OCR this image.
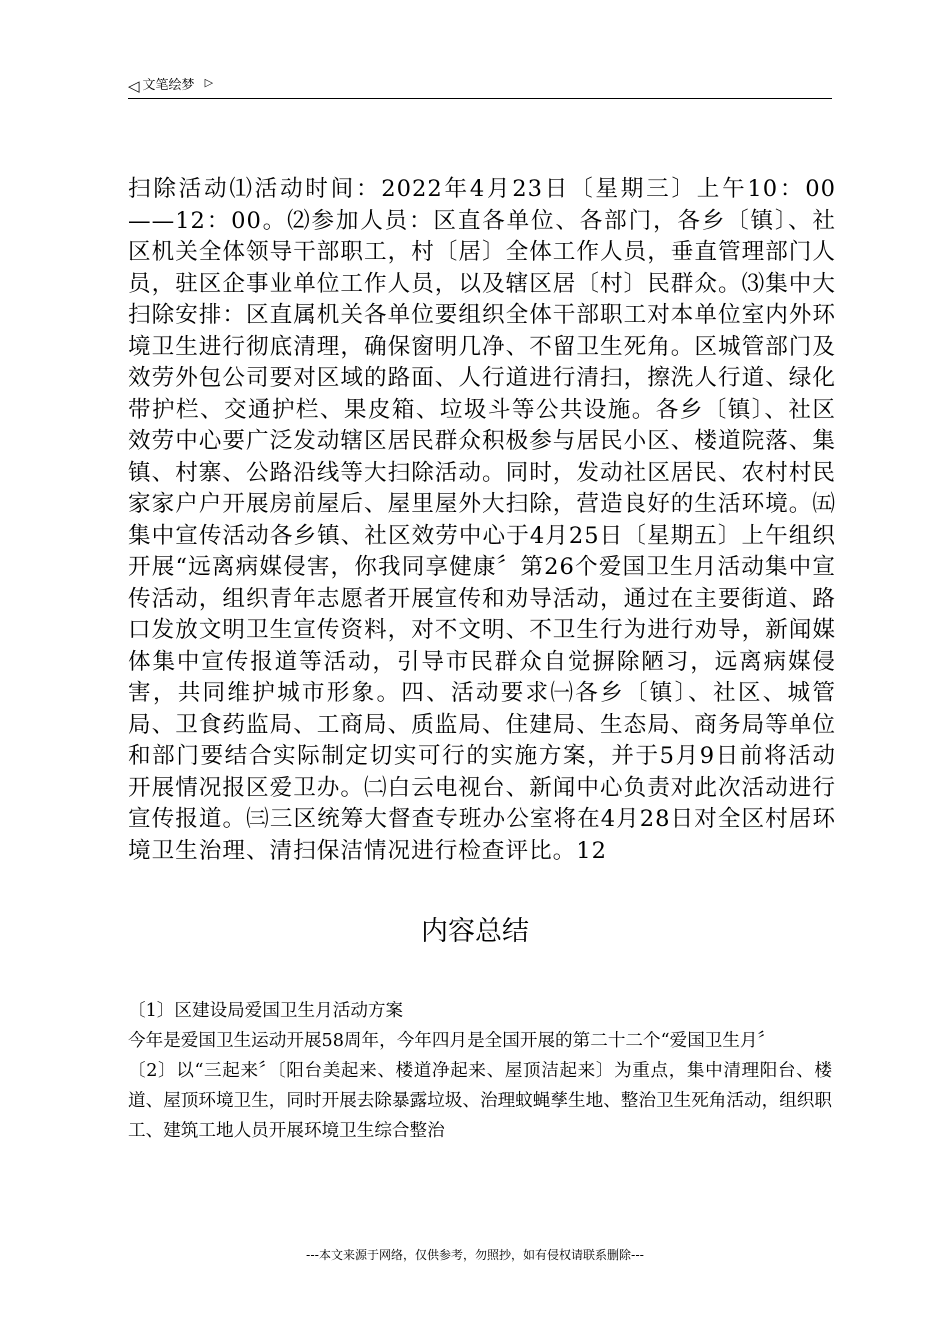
◁ 文笔绘梦 ▷

扫除活动⑴活动时间：2022年4月23日〔星期三〕上午10：00——12：00。⑵参加人员：区直各单位、各部门，各乡〔镇〕、社区机关全体领导干部职工，村〔居〕全体工作人员，垂直管理部门人员，驻区企事业单位工作人员，以及辖区居〔村〕民群众。⑶集中大扫除安排：区直属机关各单位要组织全体干部职工对本单位室内外环境卫生进行彻底清理，确保窗明几净、不留卫生死角。区城管部门及效劳外包公司要对区域的路面、人行道进行清扫，擦洗人行道、绿化带护栏、交通护栏、果皮箱、垃圾斗等公共设施。各乡〔镇〕、社区效劳中心要广泛发动辖区居民群众积极参与居民小区、楼道院落、集镇、村寨、公路沿线等大扫除活动。同时，发动社区居民、农村村民家家户户开展房前屋后、屋里屋外大扫除，营造良好的生活环境。㈤集中宣传活动各乡镇、社区效劳中心于4月25日〔星期五〕上午组织开展“远离病媒侵害，你我同享健康〞第26个爱国卫生月活动集中宣传活动，组织青年志愿者开展宣传和劝导活动，通过在主要街道、路口发放文明卫生宣传资料，对不文明、不卫生行为进行劝导，新闻媒体集中宣传报道等活动，引导市民群众自觉摒除陋习，远离病媒侵害，共同维护城市形象。四、活动要求㈠各乡〔镇〕、社区、城管局、卫食药监局、工商局、质监局、住建局、生态局、商务局等单位和部门要结合实际制定切实可行的实施方案，并于5月9日前将活动开展情况报区爱卫办。㈡白云电视台、新闻中心负责对此次活动进行宣传报道。㈢三区统筹大督查专班办公室将在4月28日对全区村居环境卫生治理、清扫保洁情况进行检查评比。12

内容总结

〔1〕区建设局爱国卫生月活动方案

今年是爱国卫生运动开展58周年，今年四月是全国开展的第二十二个“爱国卫生月〞

〔2〕以“三起来〞〔阳台美起来、楼道净起来、屋顶洁起来〕为重点，集中清理阳台、楼道、屋顶环境卫生，同时开展去除暴露垃圾、治理蚊蝇孳生地、整治卫生死角活动，组织职工、建筑工地人员开展环境卫生综合整治

---本文来源于网络，仅供参考，勿照抄，如有侵权请联系删除---
